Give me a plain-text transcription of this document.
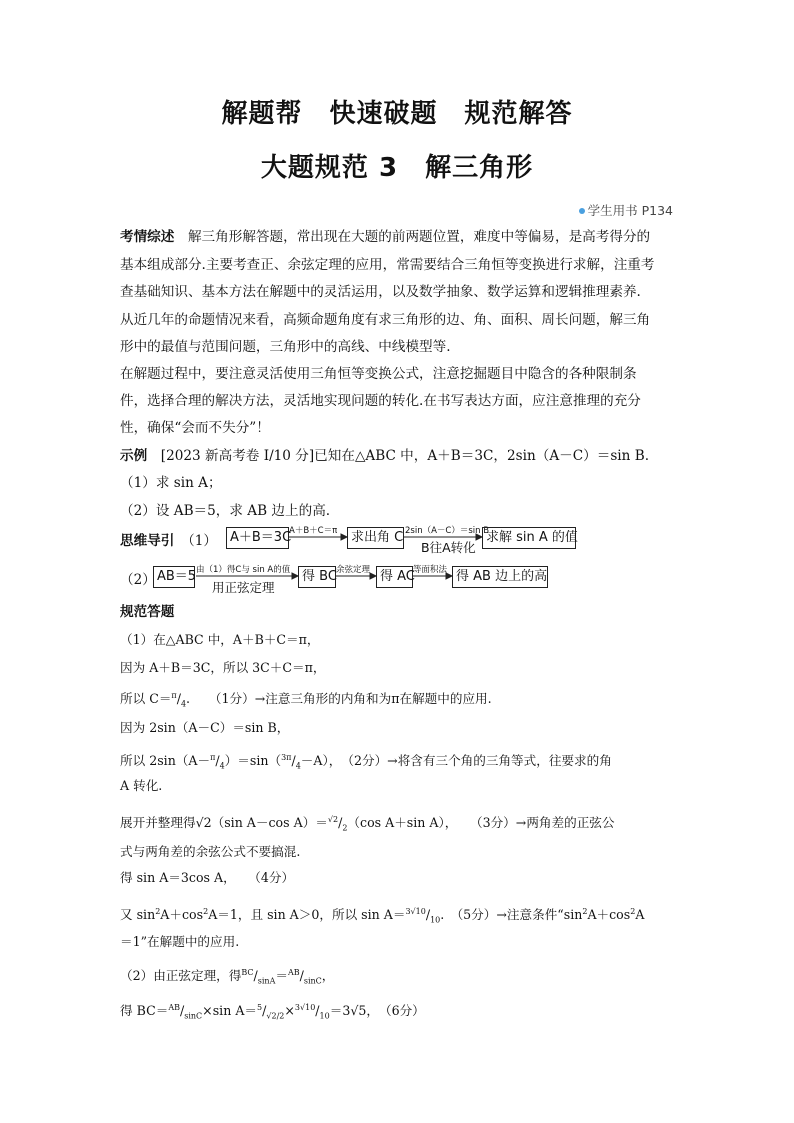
解题帮　快速破题　规范解答
大题规范 3　解三角形
学生用书 P134
考情综述　 解三角形解答题，常出现在大题的前两题位置，难度中等偏易，是高考得分的
基本组成部分.主要考查正、余弦定理的应用，常需要结合三角恒等变换进行求解，注重考
查基础知识、基本方法在解题中的灵活运用，以及数学抽象、数学运算和逻辑推理素养.
从近几年的命题情况来看，高频命题角度有求三角形的边、角、面积、周长问题，解三角
形中的最值与范围问题，三角形中的高线、中线模型等.
在解题过程中，要注意灵活使用三角恒等变换公式，注意挖掘题目中隐含的各种限制条
件，选择合理的解决方法，灵活地实现问题的转化.在书写表达方面，应注意推理的充分
性，确保“会而不失分”！
示例　 [2023 新高考卷 Ⅰ/10 分]已知在△ABC 中，A＋B＝3C，2sin（A－C）＝sin B.
（1）求 sin A；
（2）设 AB＝5，求 AB 边上的高.
思维导引　 （1） A＋B＝3C
A＋B＋C＝π	求出角 C 2sin（A－C）＝sin B
B往A转化
求解 sin A 的值
（2） AB＝5 由（1）得C与 sin A的值
用正弦定理
得 BC 余弦定理 得 AC
等面积法 得 AB 边上的高
规范答题
（1）在△ABC 中，A＋B＋C＝π，
因为 A＋B＝3C，所以 3C＋C＝π，
所以 $C=^\pi/_4$.　　（1分）→注意三角形的内角和为π在解题中的应用.
因为 2sin（A－C）＝sin B，
所以 $2\sin(A-^\pi/_4)=\sin(^{3\pi}/_4-A)$，　（2分）→将含有三个角的三角等式，往要求的角
A 转化.
展开并整理得√2（sin A－cos $A)=^{√2}/_2(\cos$ A＋sin A），　　（3分）→两角差的正弦公
式与两角差的余弦公式不要搞混.
得 sin A＝3cos A，　　（4分）
又 $\sin^2A+\cos^2A=1$，且 sin A＞0，所以 $\sin A=^{3√10}/_{10}$.　（5分）→注意条件“$\sin^2A+\cos^2A$
＝1”在解题中的应用.
（2）由正弦定理，得$^{BC}/_{sinA}=^{AB}/_{sinC}$，
得 $BC=^{AB}/_{sinC}\times\sin$ $A=^5/_{√2/2}\times^{3√10}/_{10}=3√5$，　（6分）
